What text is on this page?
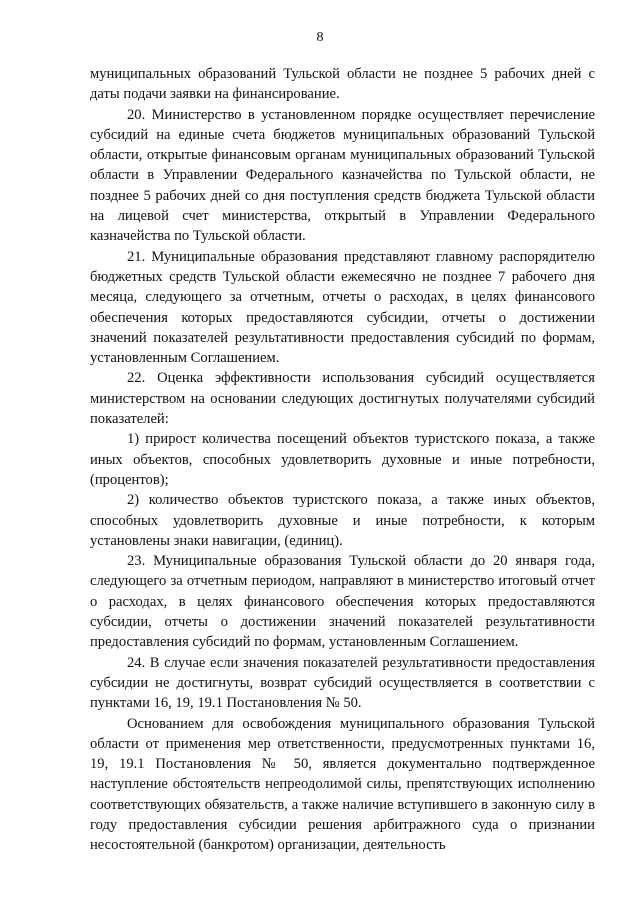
8

муниципальных образований Тульской области не позднее 5 рабочих дней с даты подачи заявки на финансирование.

20. Министерство в установленном порядке осуществляет перечисление субсидий на единые счета бюджетов муниципальных образований Тульской области, открытые финансовым органам муниципальных образований Тульской области в Управлении Федерального казначейства по Тульской области, не позднее 5 рабочих дней со дня поступления средств бюджета Тульской области на лицевой счет министерства, открытый в Управлении Федерального казначейства по Тульской области.

21. Муниципальные образования представляют главному распорядителю бюджетных средств Тульской области ежемесячно не позднее 7 рабочего дня месяца, следующего за отчетным, отчеты о расходах, в целях финансового обеспечения которых предоставляются субсидии, отчеты о достижении значений показателей результативности предоставления субсидий по формам, установленным Соглашением.

22. Оценка эффективности использования субсидий осуществляется министерством на основании следующих достигнутых получателями субсидий показателей:

1) прирост количества посещений объектов туристского показа, а также иных объектов, способных удовлетворить духовные и иные потребности, (процентов);

2) количество объектов туристского показа, а также иных объектов, способных удовлетворить духовные и иные потребности, к которым установлены знаки навигации, (единиц).

23. Муниципальные образования Тульской области до 20 января года, следующего за отчетным периодом, направляют в министерство итоговый отчет о расходах, в целях финансового обеспечения которых предоставляются субсидии, отчеты о достижении значений показателей результативности предоставления субсидий по формам, установленным Соглашением.

24. В случае если значения показателей результативности предоставления субсидии не достигнуты, возврат субсидий осуществляется в соответствии с пунктами 16, 19, 19.1 Постановления № 50.

Основанием для освобождения муниципального образования Тульской области от применения мер ответственности, предусмотренных пунктами 16, 19, 19.1 Постановления № 50, является документально подтвержденное наступление обстоятельств непреодолимой силы, препятствующих исполнению соответствующих обязательств, а также наличие вступившего в законную силу в году предоставления субсидии решения арбитражного суда о признании несостоятельной (банкротом) организации, деятельность
